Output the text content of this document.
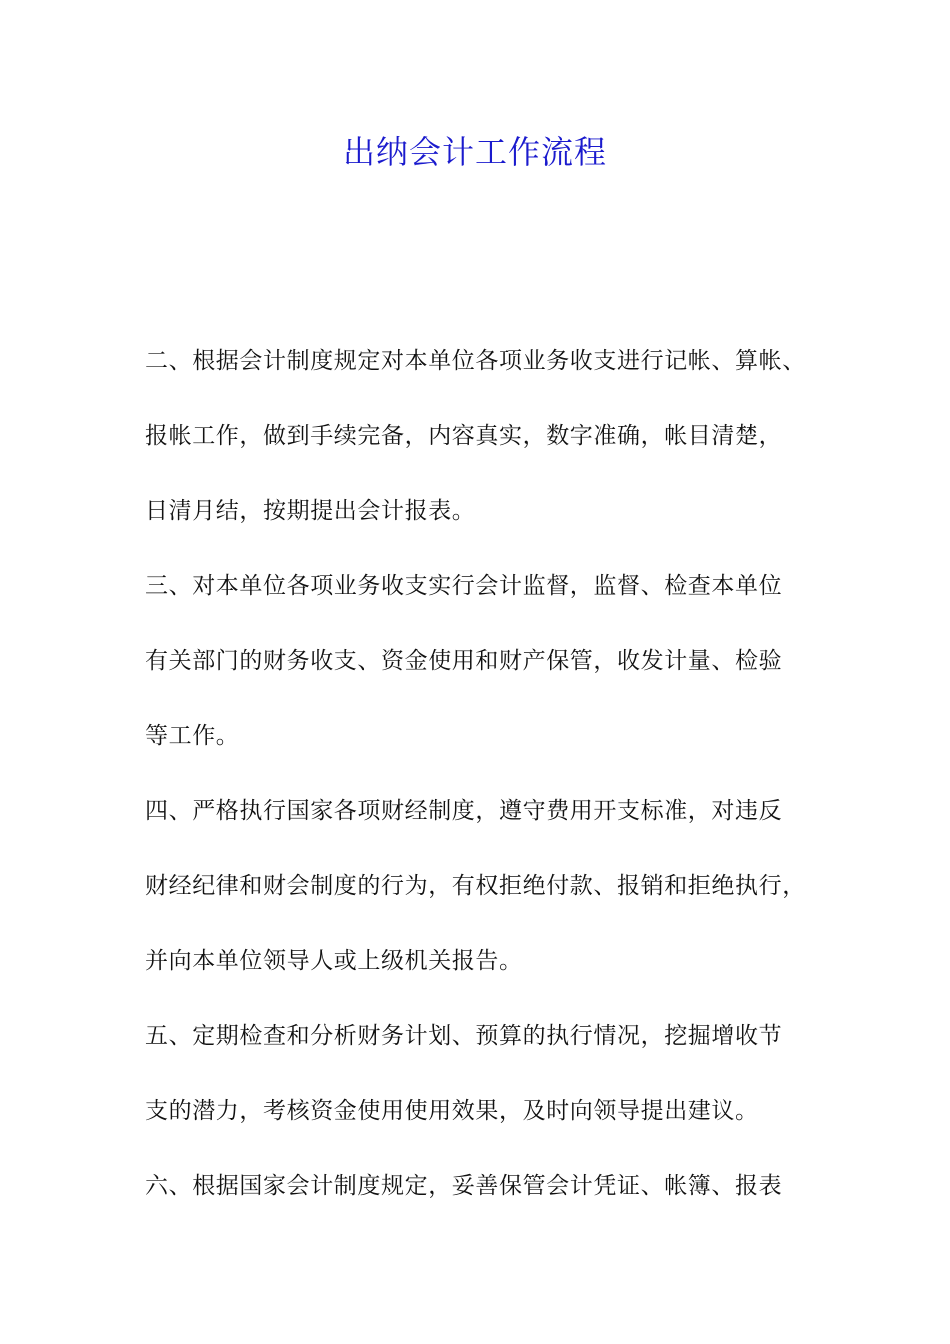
出纳会计工作流程

二、根据会计制度规定对本单位各项业务收支进行记帐、算帐、
报帐工作，做到手续完备，内容真实，数字准确，帐目清楚，
日清月结，按期提出会计报表。

三、对本单位各项业务收支实行会计监督，监督、检查本单位
有关部门的财务收支、资金使用和财产保管，收发计量、检验
等工作。

四、严格执行国家各项财经制度，遵守费用开支标准，对违反
财经纪律和财会制度的行为，有权拒绝付款、报销和拒绝执行，
并向本单位领导人或上级机关报告。

五、定期检查和分析财务计划、预算的执行情况，挖掘增收节
支的潜力，考核资金使用使用效果，及时向领导提出建议。

六、根据国家会计制度规定，妥善保管会计凭证、帐簿、报表
